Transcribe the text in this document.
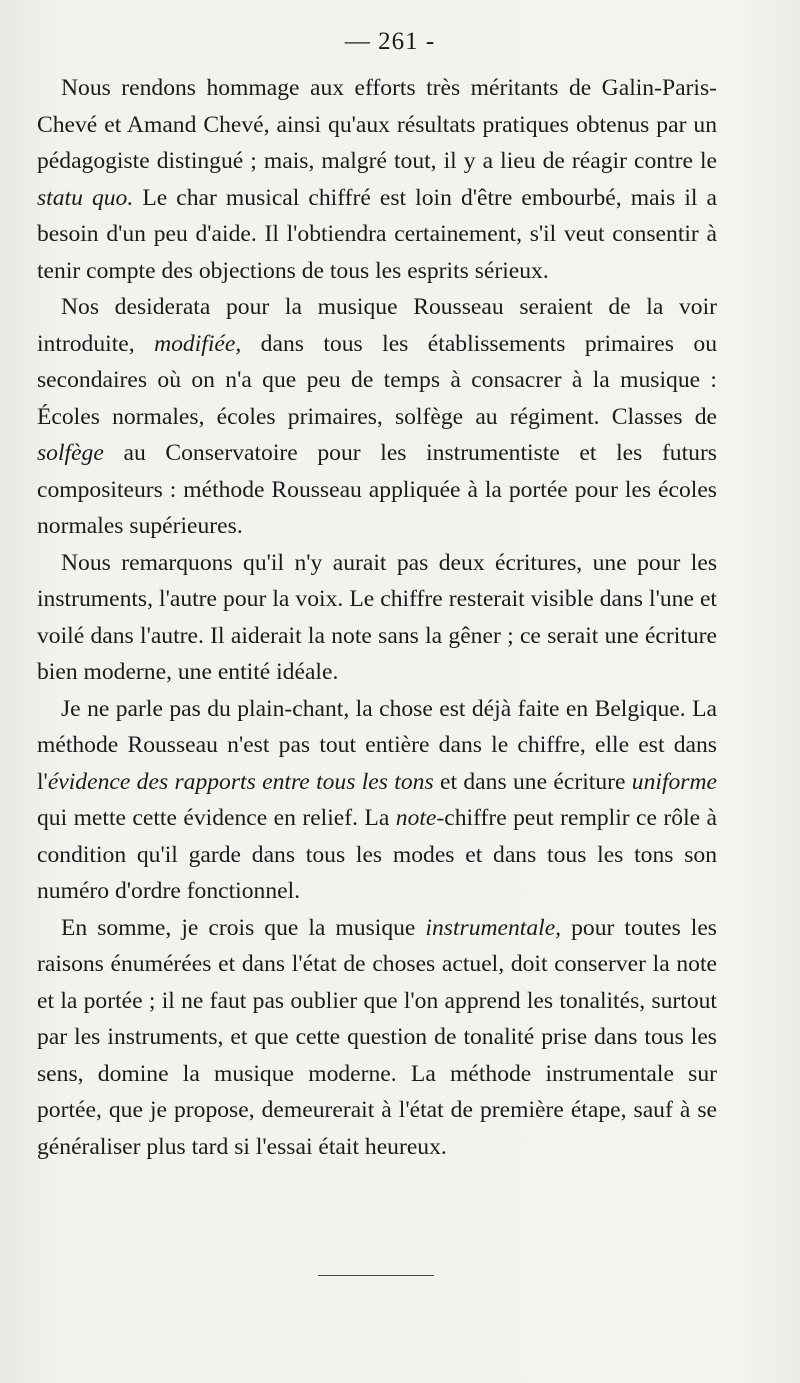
— 261 -

Nous rendons hommage aux efforts très méritants de Galin-Paris-Chevé et Amand Chevé, ainsi qu'aux résultats pratiques obtenus par un pédagogiste distingué ; mais, malgré tout, il y a lieu de réagir contre le statu quo. Le char musical chiffré est loin d'être embourbé, mais il a besoin d'un peu d'aide. Il l'obtiendra certainement, s'il veut consentir à tenir compte des objections de tous les esprits sérieux.

Nos desiderata pour la musique Rousseau seraient de la voir introduite, modifiée, dans tous les établissements primaires ou secondaires où on n'a que peu de temps à consacrer à la musique : Écoles normales, écoles primaires, solfège au régiment. Classes de solfège au Conservatoire pour les instrumentiste et les futurs compositeurs : méthode Rousseau appliquée à la portée pour les écoles normales supérieures.

Nous remarquons qu'il n'y aurait pas deux écritures, une pour les instruments, l'autre pour la voix. Le chiffre resterait visible dans l'une et voilé dans l'autre. Il aiderait la note sans la gêner ; ce serait une écriture bien moderne, une entité idéale.

Je ne parle pas du plain-chant, la chose est déjà faite en Belgique. La méthode Rousseau n'est pas tout entière dans le chiffre, elle est dans l'évidence des rapports entre tous les tons et dans une écriture uniforme qui mette cette évidence en relief. La note-chiffre peut remplir ce rôle à condition qu'il garde dans tous les modes et dans tous les tons son numéro d'ordre fonctionnel.

En somme, je crois que la musique instrumentale, pour toutes les raisons énumérées et dans l'état de choses actuel, doit conserver la note et la portée ; il ne faut pas oublier que l'on apprend les tonalités, surtout par les instruments, et que cette question de tonalité prise dans tous les sens, domine la musique moderne. La méthode instrumentale sur portée, que je propose, demeurerait à l'état de première étape, sauf à se généraliser plus tard si l'essai était heureux.
